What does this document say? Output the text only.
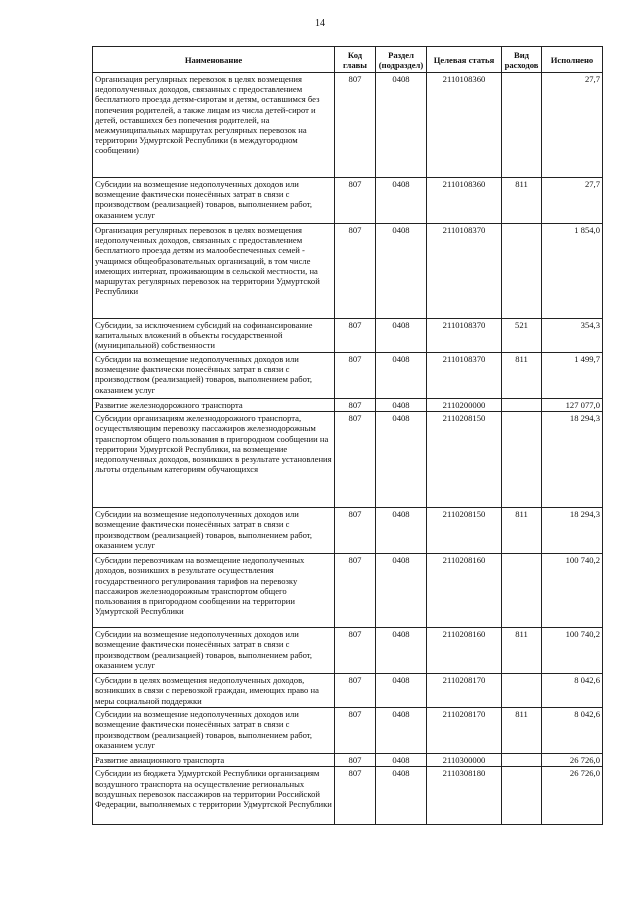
14
Наименование	Код главы	Раздел (подраздел)	Целевая статья	Вид расходов	Исполнено
Организация регулярных перевозок в целях возмещения недополученных доходов, связанных с предоставлением бесплатного проезда детям-сиротам и детям, оставшимся без попечения родителей, а также лицам из числа детей-сирот и детей, оставшихся без попечения родителей, на межмуниципальных маршрутах регулярных перевозок на территории Удмуртской Республики (в междугородном сообщении)	807	0408	2110108360		27,7
Субсидии на возмещение недополученных доходов или возмещение фактически понесённых затрат в связи с производством (реализацией) товаров, выполнением работ, оказанием услуг	807	0408	2110108360	811	27,7
Организация регулярных перевозок в целях возмещения недополученных доходов, связанных с предоставлением бесплатного проезда детям из малообеспеченных семей - учащимся общеобразовательных организаций, в том числе имеющих интернат, проживающим в сельской местности, на маршрутах регулярных перевозок на территории Удмуртской Республики	807	0408	2110108370		1 854,0
Субсидии, за исключением субсидий на софинансирование капитальных вложений в объекты государственной (муниципальной) собственности	807	0408	2110108370	521	354,3
Субсидии на возмещение недополученных доходов или возмещение фактически понесённых затрат в связи с производством (реализацией) товаров, выполнением работ, оказанием услуг	807	0408	2110108370	811	1 499,7
Развитие железнодорожного транспорта	807	0408	2110200000		127 077,0
Субсидии организациям железнодорожного транспорта, осуществляющим перевозку пассажиров железнодорожным транспортом общего пользования в пригородном сообщении на территории Удмуртской Республики, на возмещение недополученных доходов, возникших в результате установления льготы отдельным категориям обучающихся	807	0408	2110208150		18 294,3
Субсидии на возмещение недополученных доходов или возмещение фактически понесённых затрат в связи с производством (реализацией) товаров, выполнением работ, оказанием услуг	807	0408	2110208150	811	18 294,3
Субсидии перевозчикам на возмещение недополученных доходов, возникших в результате осуществления государственного регулирования тарифов на перевозку пассажиров железнодорожным транспортом общего пользования в пригородном сообщении на территории Удмуртской Республики	807	0408	2110208160		100 740,2
Субсидии на возмещение недополученных доходов или возмещение фактически понесённых затрат в связи с производством (реализацией) товаров, выполнением работ, оказанием услуг	807	0408	2110208160	811	100 740,2
Субсидии в целях возмещения недополученных доходов, возникших в связи с перевозкой граждан, имеющих право на меры социальной поддержки	807	0408	2110208170		8 042,6
Субсидии на возмещение недополученных доходов или возмещение фактически понесённых затрат в связи с производством (реализацией) товаров, выполнением работ, оказанием услуг	807	0408	2110208170	811	8 042,6
Развитие авиационного транспорта	807	0408	2110300000		26 726,0
Субсидии из бюджета Удмуртской Республики организациям воздушного транспорта на осуществление региональных воздушных перевозок пассажиров на территории Российской Федерации, выполняемых с территории Удмуртской Республики	807	0408	2110308180		26 726,0
